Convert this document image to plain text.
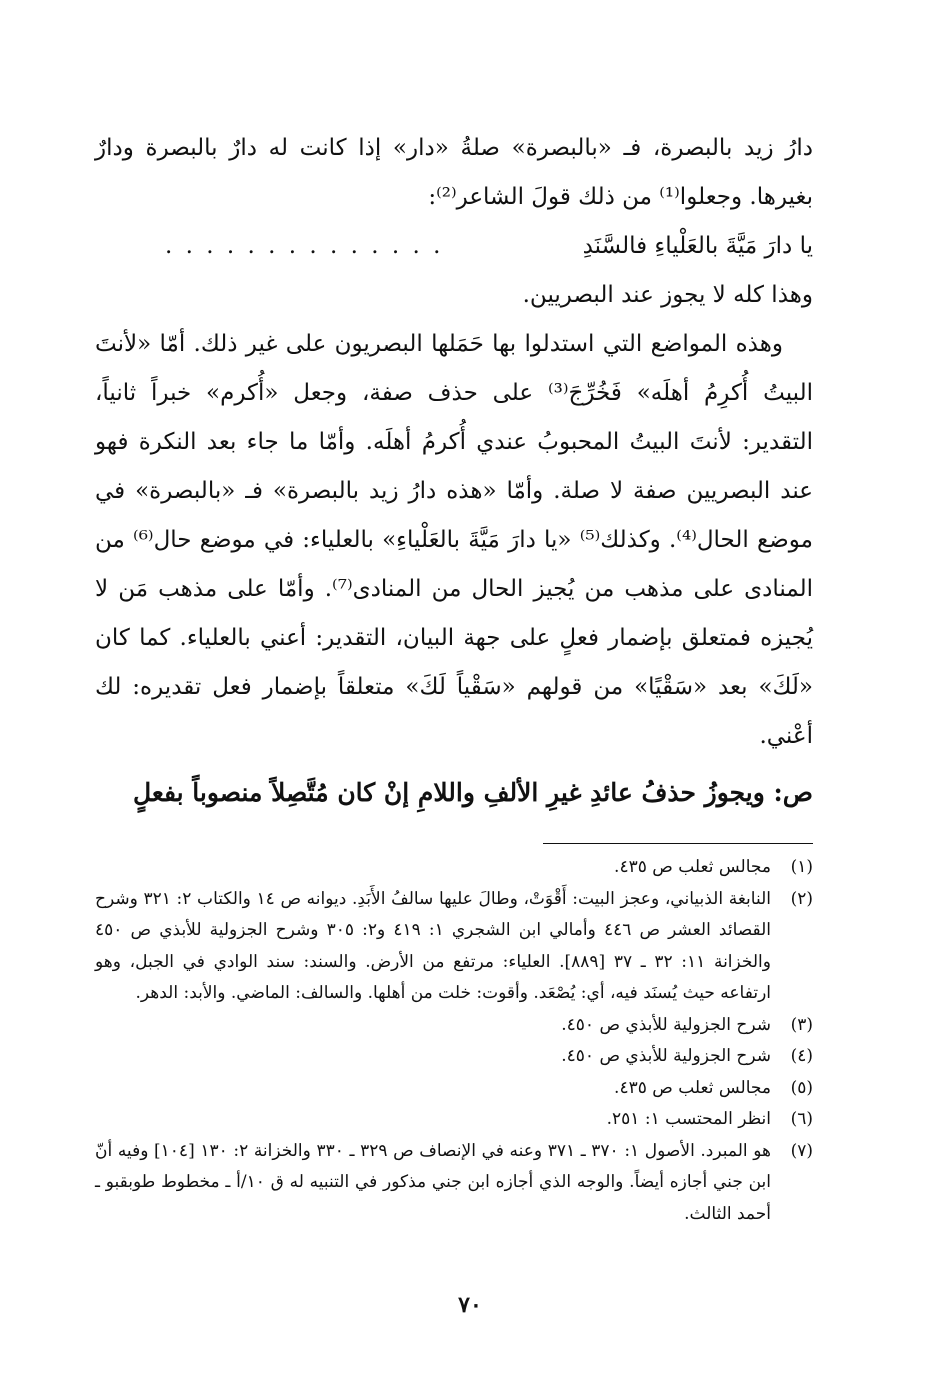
دارُ زيد بالبصرة، فـ «بالبصرة» صلةُ «دار» إذا كانت له دارٌ بالبصرة ودارٌ بغيرها. وجعلوا⁽¹⁾ من ذلك قولَ الشاعر⁽²⁾:

يا دارَ مَيَّةَ بالعَلْياءِ فالسَّنَدِ
. . . . . . . . . . . . . .

وهذا كله لا يجوز عند البصريين.

وهذه المواضع التي استدلوا بها حَمَلها البصريون على غير ذلك. أمّا «لأنتَ البيتُ أُكرِمُ أهلَه» فَخُرِّجَ⁽³⁾ على حذف صفة، وجعل «أُكرم» خبراً ثانياً، التقدير: لأنتَ البيتُ المحبوبُ عندي أُكرمُ أهلَه. وأمّا ما جاء بعد النكرة فهو عند البصريين صفة لا صلة. وأمّا «هذه دارُ زيد بالبصرة» فـ «بالبصرة» في موضع الحال⁽⁴⁾. وكذلك⁽⁵⁾ «يا دارَ مَيَّةَ بالعَلْياءِ» بالعلياء: في موضع حال⁽⁶⁾ من المنادى على مذهب من يُجيز الحال من المنادى⁽⁷⁾. وأمّا على مذهب مَن لا يُجيزه فمتعلق بإضمار فعلٍ على جهة البيان، التقدير: أعني بالعلياء. كما كان «لَكَ» بعد «سَقْيًا» من قولهم «سَقْياً لَكَ» متعلقاً بإضمار فعل تقديره: لك أعْني.

ص: ويجوزُ حذفُ عائدِ غيرِ الألفِ واللامِ إنْ كان مُتَّصِلاً منصوباً بفعلٍ
(١)
مجالس ثعلب ص ٤٣٥.
(٢)
النابغة الذبياني، وعجز البيت: أَقْوَتْ، وطالَ عليها سالفُ الأَبَدِ. ديوانه ص ١٤ والكتاب ٢: ٣٢١ وشرح القصائد العشر ص ٤٤٦ وأمالي ابن الشجري ١: ٤١٩ و٢: ٣٠٥ وشرح الجزولية للأبذي ص ٤٥٠ والخزانة ١١: ٣٢ ـ ٣٧ [٨٨٩]. العلياء: مرتفع من الأرض. والسند: سند الوادي في الجبل، وهو ارتفاعه حيث يُسنَد فيه، أي: يُصْعَد. وأقوت: خلت من أهلها. والسالف: الماضي. والأبد: الدهر.
(٣)
شرح الجزولية للأبذي ص ٤٥٠.
(٤)
شرح الجزولية للأبذي ص ٤٥٠.
(٥)
مجالس ثعلب ص ٤٣٥.
(٦)
انظر المحتسب ١: ٢٥١.
(٧)
هو المبرد. الأصول ١: ٣٧٠ ـ ٣٧١ وعنه في الإنصاف ص ٣٢٩ ـ ٣٣٠ والخزانة ٢: ١٣٠ [١٠٤] وفيه أنّ ابن جني أجازه أيضاً. والوجه الذي أجازه ابن جني مذكور في التنبيه له ق ١٠/أ ـ مخطوط طوبقبو ـ أحمد الثالث.
٧٠
